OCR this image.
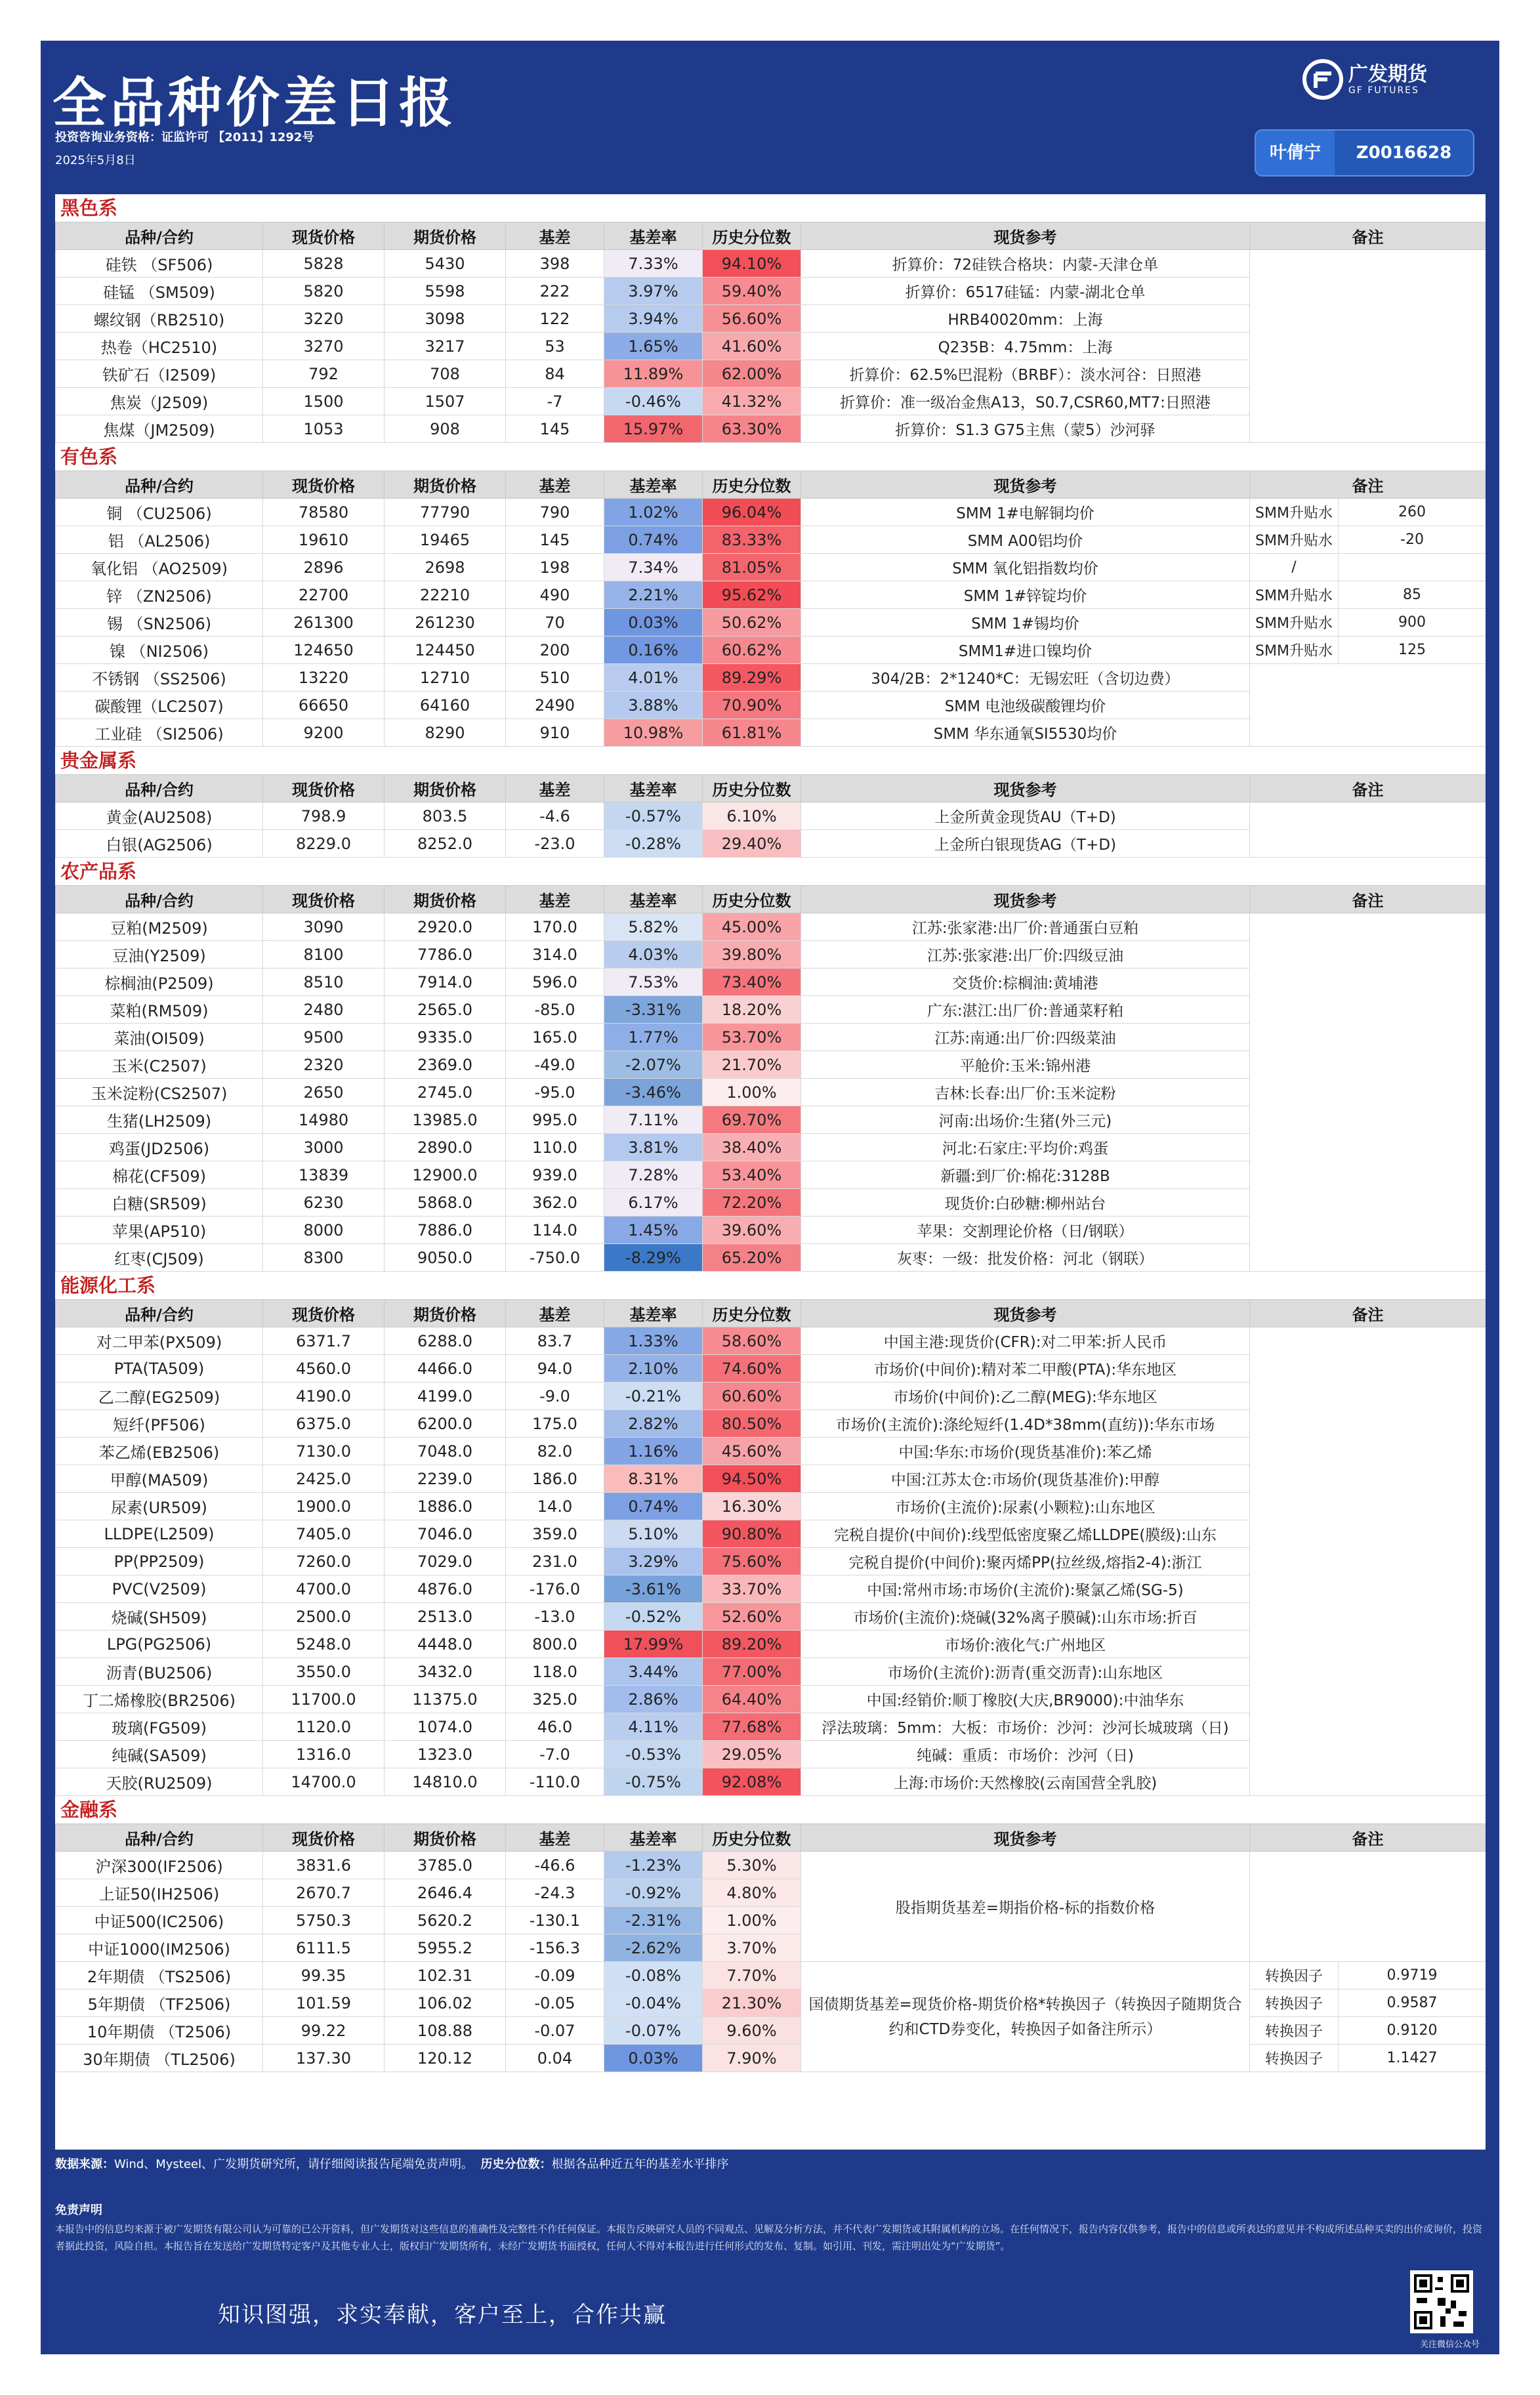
全品种价差日报
投资咨询业务资格：证监许可 【2011】1292号
2025年5月8日
广发期货
GF FUTURES
叶倩宁	Z0016628
黑色系
品种/合约	现货价格	期货价格	基差	基差率	历史分位数	现货参考	备注
硅铁 （SF506)	5828	5430	398	7.33%	94.10%	折算价：72硅铁合格块：内蒙-天津仓单	
硅锰 （SM509)	5820	5598	222	3.97%	59.40%	折算价：6517硅锰：内蒙-湖北仓单	
螺纹钢（RB2510)	3220	3098	122	3.94%	56.60%	HRB40020mm：上海	
热卷（HC2510)	3270	3217	53	1.65%	41.60%	Q235B：4.75mm：上海	
铁矿石（I2509)	792	708	84	11.89%	62.00%	折算价：62.5%巴混粉（BRBF）：淡水河谷：日照港	
焦炭（J2509)	1500	1507	-7	-0.46%	41.32%	折算价：准一级冶金焦A13，S0.7,CSR60,MT7:日照港	
焦煤（JM2509)	1053	908	145	15.97%	63.30%	折算价：S1.3 G75主焦（蒙5）沙河驿	
有色系
品种/合约	现货价格	期货价格	基差	基差率	历史分位数	现货参考	备注	
铜 （CU2506)	78580	77790	790	1.02%	96.04%	SMM 1#电解铜均价	SMM升贴水	260
铝 （AL2506)	19610	19465	145	0.74%	83.33%	SMM A00铝均价	SMM升贴水	-20
氧化铝 （AO2509)	2896	2698	198	7.34%	81.05%	SMM 氧化铝指数均价	/	
锌 （ZN2506)	22700	22210	490	2.21%	95.62%	SMM 1#锌锭均价	SMM升贴水	85
锡 （SN2506)	261300	261230	70	0.03%	50.62%	SMM 1#锡均价	SMM升贴水	900
镍 （NI2506)	124650	124450	200	0.16%	60.62%	SMM1#进口镍均价	SMM升贴水	125
不锈钢 （SS2506)	13220	12710	510	4.01%	89.29%	304/2B：2*1240*C：无锡宏旺（含切边费）		
碳酸锂（LC2507)	66650	64160	2490	3.88%	70.90%	SMM 电池级碳酸锂均价		
工业硅 （SI2506)	9200	8290	910	10.98%	61.81%	SMM 华东通氧SI5530均价		
贵金属系
品种/合约	现货价格	期货价格	基差	基差率	历史分位数	现货参考	备注
黄金(AU2508)	798.9	803.5	-4.6	-0.57%	6.10%	上金所黄金现货AU（T+D)	
白银(AG2506)	8229.0	8252.0	-23.0	-0.28%	29.40%	上金所白银现货AG（T+D)	
农产品系
品种/合约	现货价格	期货价格	基差	基差率	历史分位数	现货参考	备注
豆粕(M2509)	3090	2920.0	170.0	5.82%	45.00%	江苏:张家港:出厂价:普通蛋白豆粕	
豆油(Y2509)	8100	7786.0	314.0	4.03%	39.80%	江苏:张家港:出厂价:四级豆油	
棕榈油(P2509)	8510	7914.0	596.0	7.53%	73.40%	交货价:棕榈油:黄埔港	
菜粕(RM509)	2480	2565.0	-85.0	-3.31%	18.20%	广东:湛江:出厂价:普通菜籽粕	
菜油(OI509)	9500	9335.0	165.0	1.77%	53.70%	江苏:南通:出厂价:四级菜油	
玉米(C2507)	2320	2369.0	-49.0	-2.07%	21.70%	平舱价:玉米:锦州港	
玉米淀粉(CS2507)	2650	2745.0	-95.0	-3.46%	1.00%	吉林:长春:出厂价:玉米淀粉	
生猪(LH2509)	14980	13985.0	995.0	7.11%	69.70%	河南:出场价:生猪(外三元)	
鸡蛋(JD2506)	3000	2890.0	110.0	3.81%	38.40%	河北:石家庄:平均价:鸡蛋	
棉花(CF509)	13839	12900.0	939.0	7.28%	53.40%	新疆:到厂价:棉花:3128B	
白糖(SR509)	6230	5868.0	362.0	6.17%	72.20%	现货价:白砂糖:柳州站台	
苹果(AP510)	8000	7886.0	114.0	1.45%	39.60%	苹果：交割理论价格（日/钢联）	
红枣(CJ509)	8300	9050.0	-750.0	-8.29%	65.20%	灰枣：一级：批发价格：河北（钢联）	
能源化工系
品种/合约	现货价格	期货价格	基差	基差率	历史分位数	现货参考	备注
对二甲苯(PX509)	6371.7	6288.0	83.7	1.33%	58.60%	中国主港:现货价(CFR):对二甲苯:折人民币	
PTA(TA509)	4560.0	4466.0	94.0	2.10%	74.60%	市场价(中间价):精对苯二甲酸(PTA):华东地区	
乙二醇(EG2509)	4190.0	4199.0	-9.0	-0.21%	60.60%	市场价(中间价):乙二醇(MEG):华东地区	
短纤(PF506)	6375.0	6200.0	175.0	2.82%	80.50%	市场价(主流价):涤纶短纤(1.4D*38mm(直纺)):华东市场	
苯乙烯(EB2506)	7130.0	7048.0	82.0	1.16%	45.60%	中国:华东:市场价(现货基准价):苯乙烯	
甲醇(MA509)	2425.0	2239.0	186.0	8.31%	94.50%	中国:江苏太仓:市场价(现货基准价):甲醇	
尿素(UR509)	1900.0	1886.0	14.0	0.74%	16.30%	市场价(主流价):尿素(小颗粒):山东地区	
LLDPE(L2509)	7405.0	7046.0	359.0	5.10%	90.80%	完税自提价(中间价):线型低密度聚乙烯LLDPE(膜级):山东	
PP(PP2509)	7260.0	7029.0	231.0	3.29%	75.60%	完税自提价(中间价):聚丙烯PP(拉丝级,熔指2-4):浙江	
PVC(V2509)	4700.0	4876.0	-176.0	-3.61%	33.70%	中国:常州市场:市场价(主流价):聚氯乙烯(SG-5)	
烧碱(SH509)	2500.0	2513.0	-13.0	-0.52%	52.60%	市场价(主流价):烧碱(32%离子膜碱):山东市场:折百	
LPG(PG2506)	5248.0	4448.0	800.0	17.99%	89.20%	市场价:液化气:广州地区	
沥青(BU2506)	3550.0	3432.0	118.0	3.44%	77.00%	市场价(主流价):沥青(重交沥青):山东地区	
丁二烯橡胶(BR2506)	11700.0	11375.0	325.0	2.86%	64.40%	中国:经销价:顺丁橡胶(大庆,BR9000):中油华东	
玻璃(FG509)	1120.0	1074.0	46.0	4.11%	77.68%	浮法玻璃：5mm：大板：市场价：沙河：沙河长城玻璃（日)	
纯碱(SA509)	1316.0	1323.0	-7.0	-0.53%	29.05%	纯碱：重质：市场价：沙河（日)	
天胶(RU2509)	14700.0	14810.0	-110.0	-0.75%	92.08%	上海:市场价:天然橡胶(云南国营全乳胶)	
金融系
品种/合约	现货价格	期货价格	基差	基差率	历史分位数	现货参考	备注	
沪深300(IF2506)	3831.6	3785.0	-46.6	-1.23%	5.30%	股指期货基差=期指价格-标的指数价格		
上证50(IH2506)	2670.7	2646.4	-24.3	-0.92%	4.80%			
中证500(IC2506)	5750.3	5620.2	-130.1	-2.31%	1.00%			
中证1000(IM2506)	6111.5	5955.2	-156.3	-2.62%	3.70%			
2年期债 （TS2506)	99.35	102.31	-0.09	-0.08%	7.70%	国债期货基差=现货价格-期货价格*转换因子（转换因子随期货合约和CTD券变化，转换因子如备注所示）	转换因子	0.9719
5年期债 （TF2506)	101.59	106.02	-0.05	-0.04%	21.30%		转换因子	0.9587
10年期债 （T2506)	99.22	108.88	-0.07	-0.07%	9.60%		转换因子	0.9120
30年期债 （TL2506)	137.30	120.12	0.04	0.03%	7.90%		转换因子	1.1427
数据来源：Wind、Mysteel、广发期货研究所，请仔细阅读报告尾端免责声明。 历史分位数：根据各品种近五年的基差水平排序
免责声明
本报告中的信息均来源于被广发期货有限公司认为可靠的已公开资料，但广发期货对这些信息的准确性及完整性不作任何保证。本报告反映研究人员的不同观点、见解及分析方法，并不代表广发期货或其附属机构的立场。在任何情况下，报告内容仅供参考，报告中的信息或所表达的意见并不构成所述品种买卖的出价或询价，投资者据此投资，风险自担。本报告旨在发送给广发期货特定客户及其他专业人士，版权归广发期货所有，未经广发期货书面授权，任何人不得对本报告进行任何形式的发布、复制。如引用、刊发，需注明出处为“广发期货”。
知识图强，求实奉献，客户至上，合作共赢
关注微信公众号
